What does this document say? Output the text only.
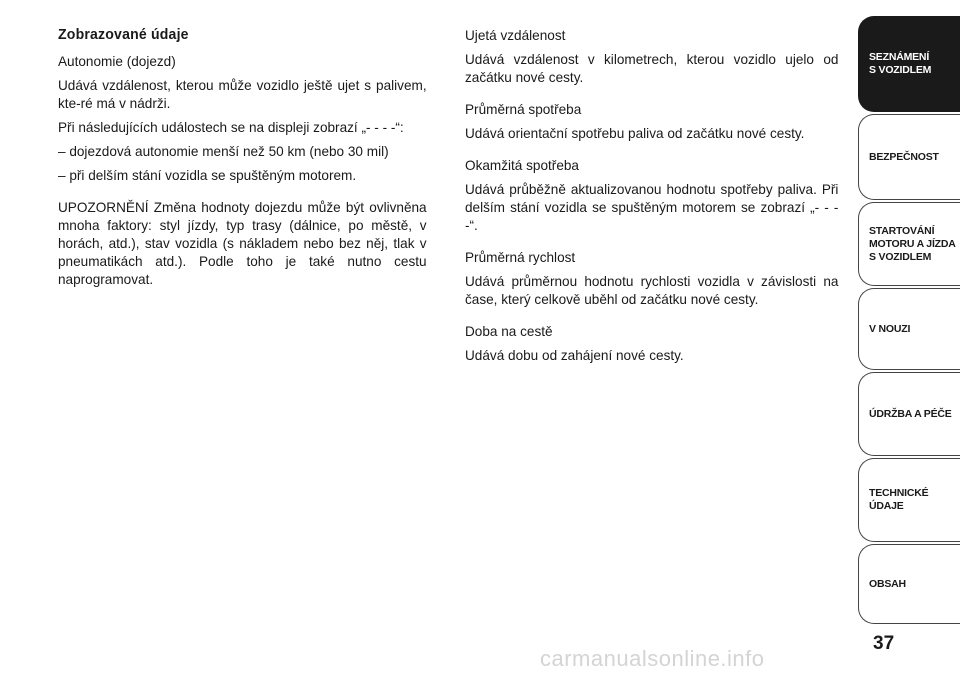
Zobrazované údaje

Autonomie (dojezd)

Udává vzdálenost, kterou může vozidlo ještě ujet s palivem, kte-ré má v nádrži.

Při následujících událostech se na displeji zobrazí „- - - -“:

– dojezdová autonomie menší než 50 km (nebo 30 mil)

– při delším stání vozidla se spuštěným motorem.

UPOZORNĚNÍ Změna hodnoty dojezdu může být ovlivněna mnoha faktory: styl jízdy, typ trasy (dálnice, po městě, v horách, atd.), stav vozidla (s nákladem nebo bez něj, tlak v pneumatikách atd.). Podle toho je také nutno cestu naprogramovat.

Ujetá vzdálenost

Udává vzdálenost v kilometrech, kterou vozidlo ujelo od začátku nové cesty.

Průměrná spotřeba

Udává orientační spotřebu paliva od začátku nové cesty.

Okamžitá spotřeba

Udává průběžně aktualizovanou hodnotu spotřeby paliva. Při delším stání vozidla se spuštěným motorem se zobrazí „- - - -“.

Průměrná rychlost

Udává průměrnou hodnotu rychlosti vozidla v závislosti na čase, který celkově uběhl od začátku nové cesty.

Doba na cestě

Udává dobu od zahájení nové cesty.

SEZNÁMENÍ
S VOZIDLEM
BEZPEČNOST
STARTOVÁNÍ
MOTORU A JÍZDA
S VOZIDLEM
V NOUZI
ÚDRŽBA A PÉČE
TECHNICKÉ
ÚDAJE
OBSAH
37
carmanualsonline.info
